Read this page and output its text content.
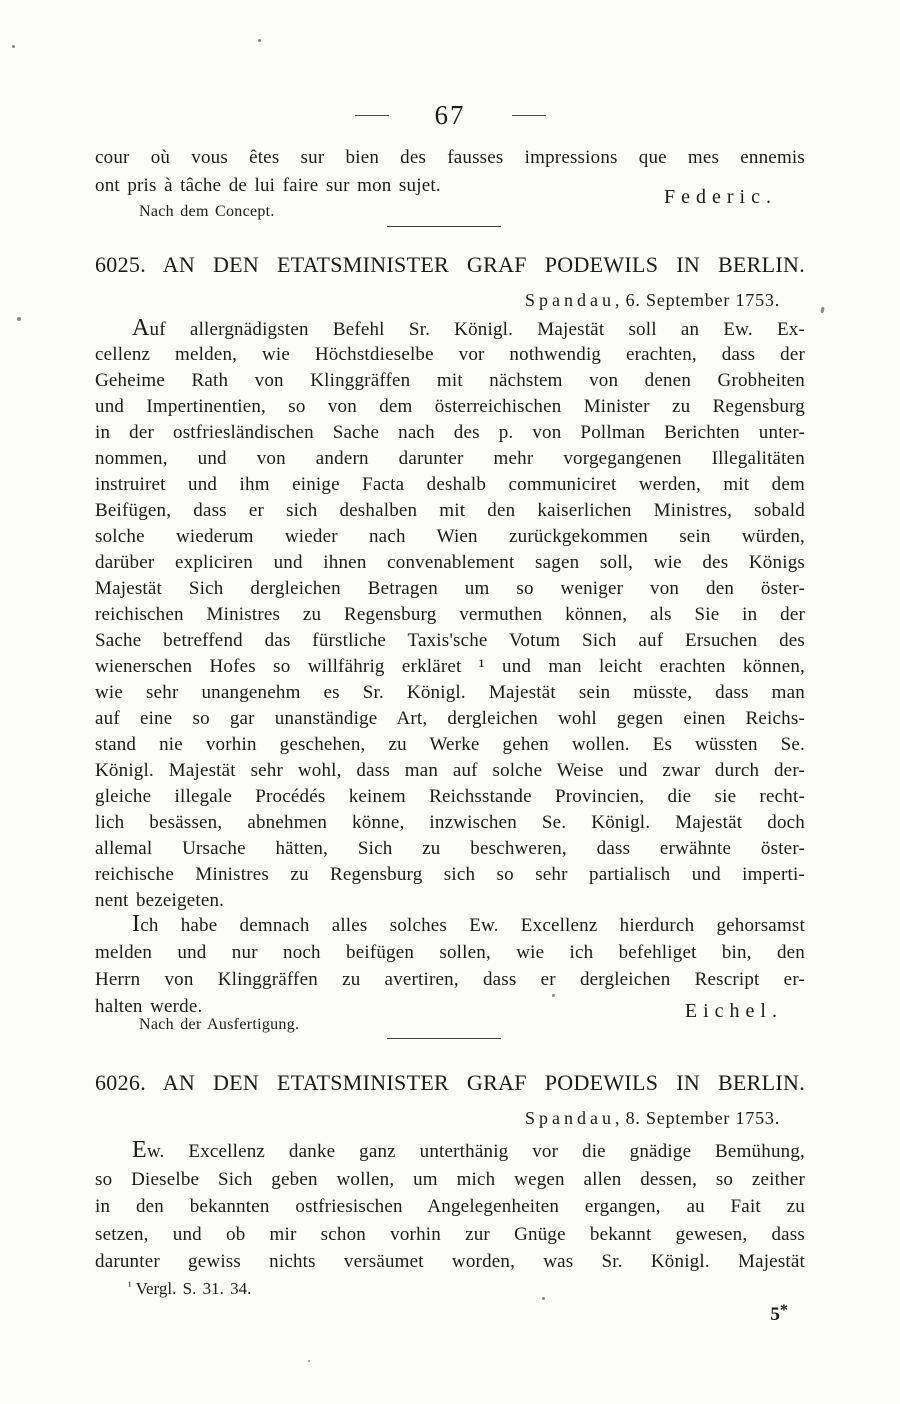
67
cour où vous êtes sur bien des fausses impressions que mes ennemis
ont pris à tâche de lui faire sur mon sujet.
Federic.
Nach dem Concept.
6025. AN DEN ETATSMINISTER GRAF PODEWILS IN BERLIN.
Spandau, 6. September 1753.
Auf allergnädigsten Befehl Sr. Königl. Majestät soll an Ew. Ex-
cellenz melden, wie Höchstdieselbe vor nothwendig erachten, dass der
Geheime Rath von Klinggräffen mit nächstem von denen Grobheiten
und Impertinentien, so von dem österreichischen Minister zu Regensburg
in der ostfriesländischen Sache nach des p. von Pollman Berichten unter-
nommen, und von andern darunter mehr vorgegangenen Illegalitäten
instruiret und ihm einige Facta deshalb communiciret werden, mit dem
Beifügen, dass er sich deshalben mit den kaiserlichen Ministres, sobald
solche wiederum wieder nach Wien zurückgekommen sein würden,
darüber expliciren und ihnen convenablement sagen soll, wie des Königs
Majestät Sich dergleichen Betragen um so weniger von den öster-
reichischen Ministres zu Regensburg vermuthen können, als Sie in der
Sache betreffend das fürstliche Taxis'sche Votum Sich auf Ersuchen des
wienerschen Hofes so willfährig erkläret ¹ und man leicht erachten können,
wie sehr unangenehm es Sr. Königl. Majestät sein müsste, dass man
auf eine so gar unanständige Art, dergleichen wohl gegen einen Reichs-
stand nie vorhin geschehen, zu Werke gehen wollen. Es wüssten Se.
Königl. Majestät sehr wohl, dass man auf solche Weise und zwar durch der-
gleiche illegale Procédés keinem Reichsstande Provincien, die sie recht-
lich besässen, abnehmen könne, inzwischen Se. Königl. Majestät doch
allemal Ursache hätten, Sich zu beschweren, dass erwähnte öster-
reichische Ministres zu Regensburg sich so sehr partialisch und imperti-
nent bezeigeten.
Ich habe demnach alles solches Ew. Excellenz hierdurch gehorsamst
melden und nur noch beifügen sollen, wie ich befehliget bin, den
Herrn von Klinggräffen zu avertiren, dass er dergleichen Rescript er-
halten werde.	Eichel.
Nach der Ausfertigung.
6026. AN DEN ETATSMINISTER GRAF PODEWILS IN BERLIN.
Spandau, 8. September 1753.
Ew. Excellenz danke ganz unterthänig vor die gnädige Bemühung,
so Dieselbe Sich geben wollen, um mich wegen allen dessen, so zeither
in den bekannten ostfriesischen Angelegenheiten ergangen, au Fait zu
setzen, und ob mir schon vorhin zur Gnüge bekannt gewesen, dass
darunter gewiss nichts versäumet worden, was Sr. Königl. Majestät
$^{^1}$ Vergl. S. 31. 34.
5*
